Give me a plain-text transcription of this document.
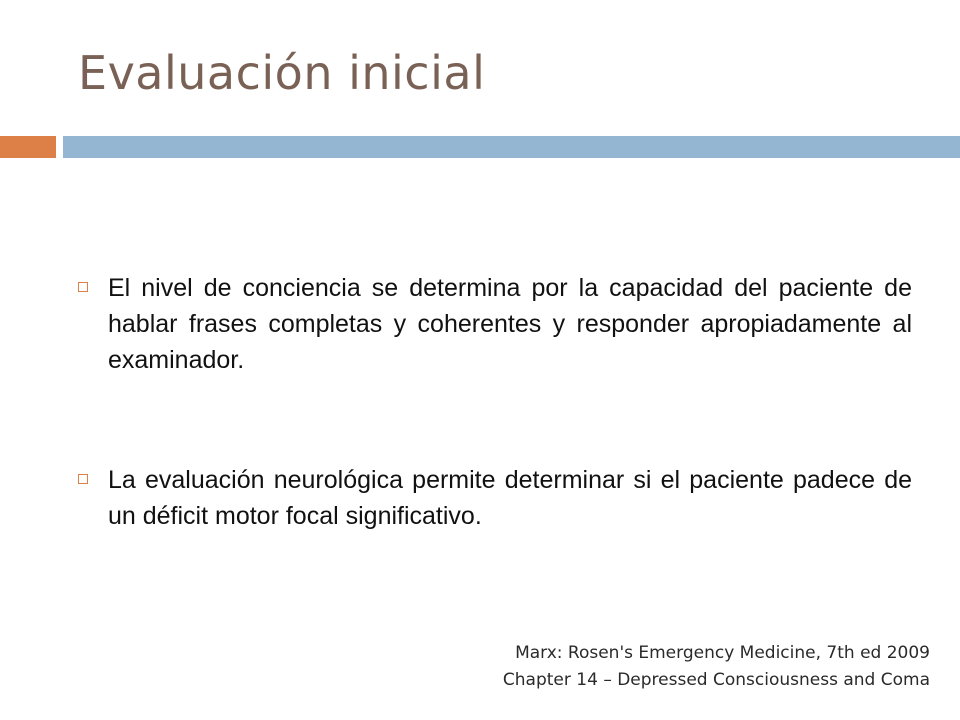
Evaluación inicial
El nivel de conciencia se determina por la capacidad del paciente de hablar frases completas y coherentes y responder apropiadamente al examinador.
La evaluación neurológica permite determinar si el paciente padece de un déficit motor focal significativo.
Marx: Rosen's Emergency Medicine, 7th ed 2009
Chapter 14 – Depressed Consciousness and Coma
